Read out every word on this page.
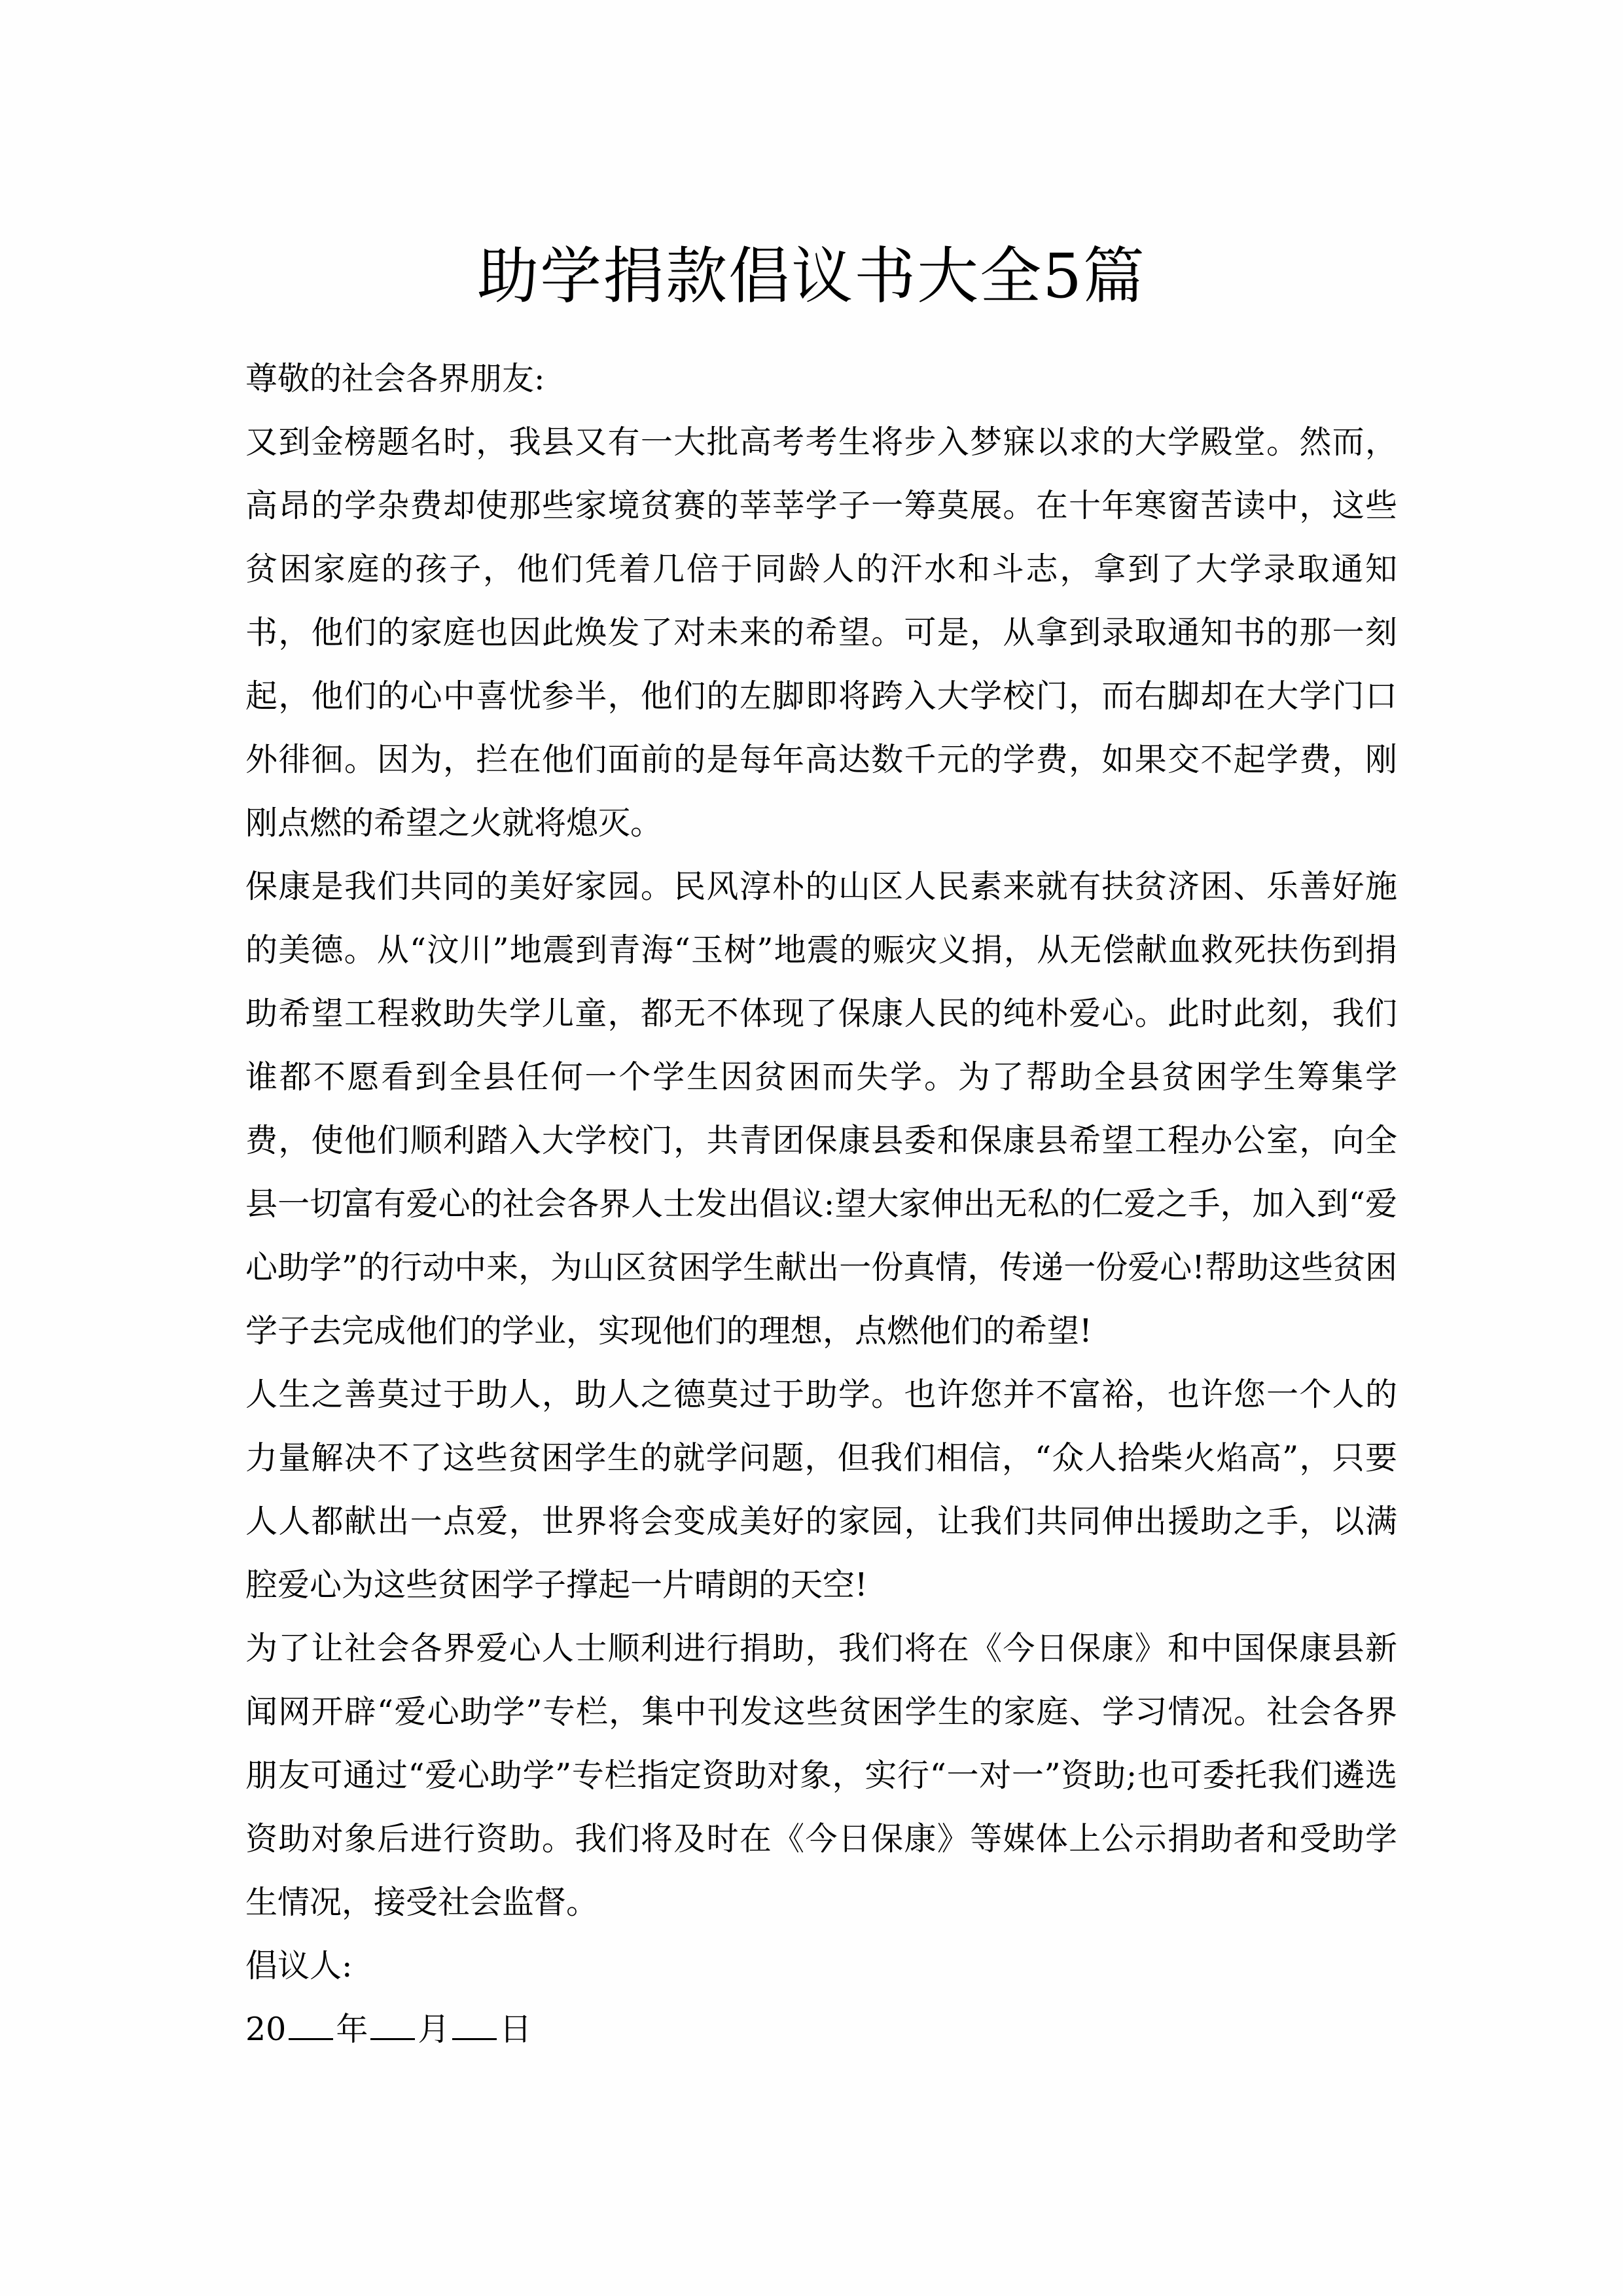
助学捐款倡议书大全5篇

尊敬的社会各界朋友:

又到金榜题名时，我县又有一大批高考考生将步入梦寐以求的大学殿堂。然而，高昂的学杂费却使那些家境贫赛的莘莘学子一筹莫展。在十年寒窗苦读中，这些贫困家庭的孩子，他们凭着几倍于同龄人的汗水和斗志，拿到了大学录取通知书，他们的家庭也因此焕发了对未来的希望。可是，从拿到录取通知书的那一刻起，他们的心中喜忧参半，他们的左脚即将跨入大学校门，而右脚却在大学门口外徘徊。因为，拦在他们面前的是每年高达数千元的学费，如果交不起学费，刚刚点燃的希望之火就将熄灭。

保康是我们共同的美好家园。民风淳朴的山区人民素来就有扶贫济困、乐善好施的美德。从“汶川”地震到青海“玉树”地震的赈灾义捐，从无偿献血救死扶伤到捐助希望工程救助失学儿童，都无不体现了保康人民的纯朴爱心。此时此刻，我们谁都不愿看到全县任何一个学生因贫困而失学。为了帮助全县贫困学生筹集学费，使他们顺利踏入大学校门，共青团保康县委和保康县希望工程办公室，向全县一切富有爱心的社会各界人士发出倡议:望大家伸出无私的仁爱之手，加入到“爱心助学”的行动中来，为山区贫困学生献出一份真情，传递一份爱心!帮助这些贫困学子去完成他们的学业，实现他们的理想，点燃他们的希望!

人生之善莫过于助人，助人之德莫过于助学。也许您并不富裕，也许您一个人的力量解决不了这些贫困学生的就学问题，但我们相信，“众人拾柴火焰高”，只要人人都献出一点爱，世界将会变成美好的家园，让我们共同伸出援助之手，以满腔爱心为这些贫困学子撑起一片晴朗的天空!

为了让社会各界爱心人士顺利进行捐助，我们将在《今日保康》和中国保康县新闻网开辟“爱心助学”专栏，集中刊发这些贫困学生的家庭、学习情况。社会各界朋友可通过“爱心助学”专栏指定资助对象，实行“一对一”资助;也可委托我们遴选资助对象后进行资助。我们将及时在《今日保康》等媒体上公示捐助者和受助学生情况，接受社会监督。

倡议人:

20 年 月 日
